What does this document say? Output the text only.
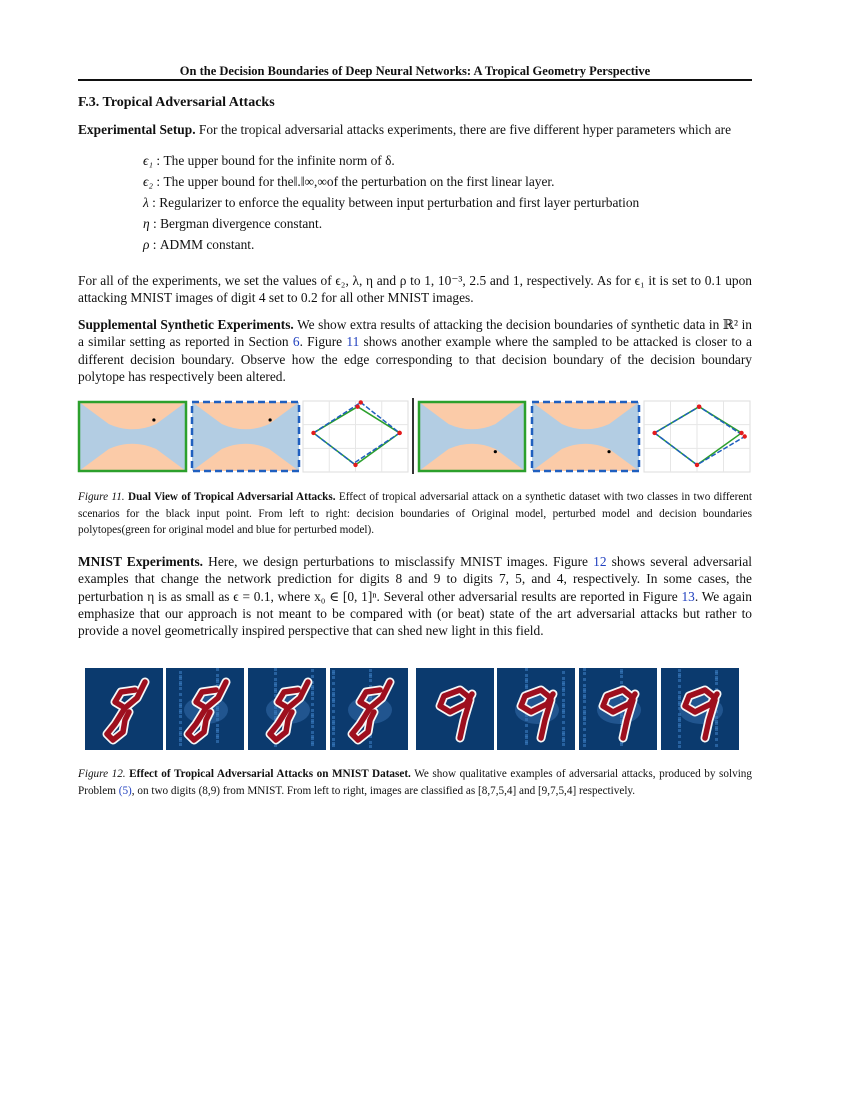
On the Decision Boundaries of Deep Neural Networks: A Tropical Geometry Perspective
F.3. Tropical Adversarial Attacks
Experimental Setup. For the tropical adversarial attacks experiments, there are five different hyper parameters which are
ϵ₁ : The upper bound for the infinite norm of δ.
ϵ₂ : The upper bound for the‖.‖∞,∞of the perturbation on the first linear layer.
λ : Regularizer to enforce the equality between input perturbation and first layer perturbation
η : Bergman divergence constant.
ρ : ADMM constant.
For all of the experiments, we set the values of ϵ₂, λ, η and ρ to 1, 10⁻³, 2.5 and 1, respectively. As for ϵ₁ it is set to 0.1 upon attacking MNIST images of digit 4 set to 0.2 for all other MNIST images.
Supplemental Synthetic Experiments. We show extra results of attacking the decision boundaries of synthetic data in ℝ² in a similar setting as reported in Section 6. Figure 11 shows another example where the sampled to be attacked is closer to a different decision boundary. Observe how the edge corresponding to that decision boundary of the decision boundary polytope has respectively been altered.
Figure 11. Dual View of Tropical Adversarial Attacks. Effect of tropical adversarial attack on a synthetic dataset with two classes in two different scenarios for the black input point. From left to right: decision boundaries of Original model, perturbed model and decision boundaries polytopes(green for original model and blue for perturbed model).
MNIST Experiments. Here, we design perturbations to misclassify MNIST images. Figure 12 shows several adversarial examples that change the network prediction for digits 8 and 9 to digits 7, 5, and 4, respectively. In some cases, the perturbation η is as small as ϵ = 0.1, where x₀ ∈ [0, 1]ⁿ. Several other adversarial results are reported in Figure 13. We again emphasize that our approach is not meant to be compared with (or beat) state of the art adversarial attacks but rather to provide a novel geometrically inspired perspective that can shed new light in this field.
Figure 12. Effect of Tropical Adversarial Attacks on MNIST Dataset. We show qualitative examples of adversarial attacks, produced by solving Problem (5), on two digits (8,9) from MNIST. From left to right, images are classified as [8,7,5,4] and [9,7,5,4] respectively.
